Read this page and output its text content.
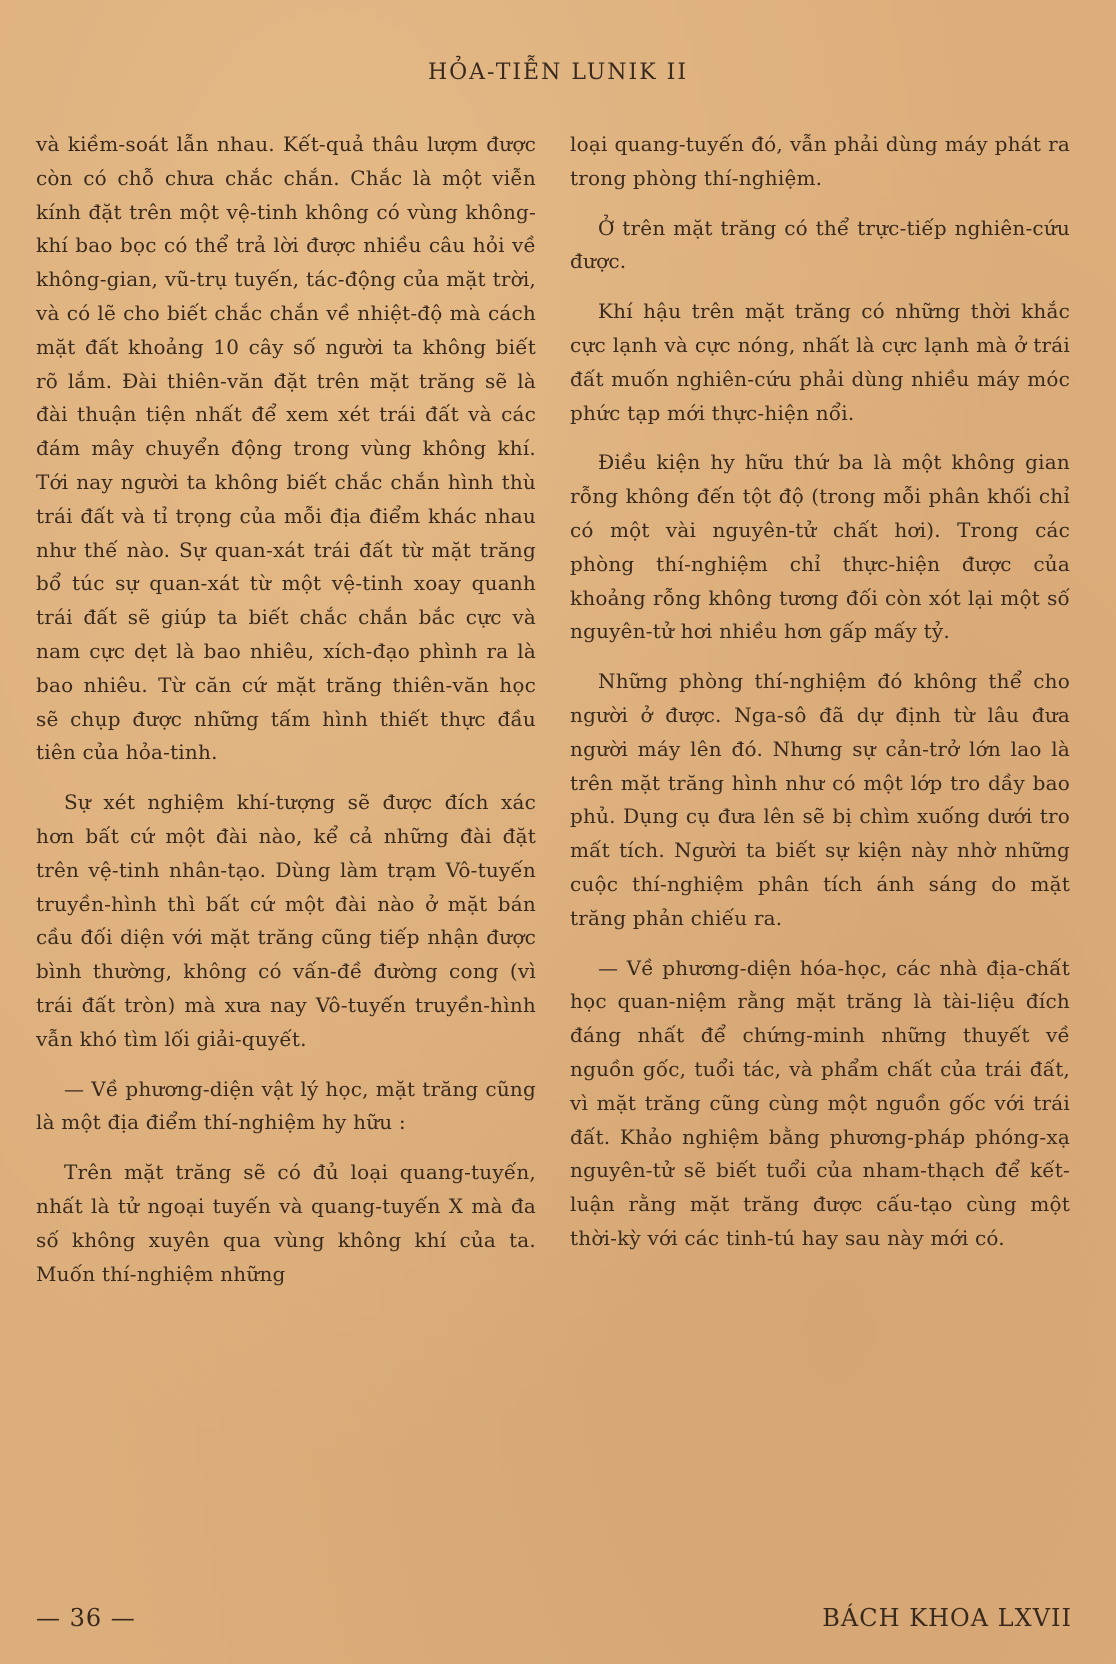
HỎA-TIỄN LUNIK II

và kiềm-soát lẫn nhau. Kết-quả thâu lượm được còn có chỗ chưa chắc chắn. Chắc là một viễn kính đặt trên một vệ-tinh không có vùng không-khí bao bọc có thể trả lời được nhiều câu hỏi về không-gian, vũ-trụ tuyến, tác-động của mặt trời, và có lẽ cho biết chắc chắn về nhiệt-độ mà cách mặt đất khoảng 10 cây số người ta không biết rõ lắm. Đài thiên-văn đặt trên mặt trăng sẽ là đài thuận tiện nhất để xem xét trái đất và các đám mây chuyển động trong vùng không khí. Tới nay người ta không biết chắc chắn hình thù trái đất và tỉ trọng của mỗi địa điểm khác nhau như thế nào. Sự quan-xát trái đất từ mặt trăng bổ túc sự quan-xát từ một vệ-tinh xoay quanh trái đất sẽ giúp ta biết chắc chắn bắc cực và nam cực dẹt là bao nhiêu, xích-đạo phình ra là bao nhiêu. Từ căn cứ mặt trăng thiên-văn học sẽ chụp được những tấm hình thiết thực đầu tiên của hỏa-tinh.

Sự xét nghiệm khí-tượng sẽ được đích xác hơn bất cứ một đài nào, kể cả những đài đặt trên vệ-tinh nhân-tạo. Dùng làm trạm Vô-tuyến truyền-hình thì bất cứ một đài nào ở mặt bán cầu đối diện với mặt trăng cũng tiếp nhận được bình thường, không có vấn-đề đường cong (vì trái đất tròn) mà xưa nay Vô-tuyến truyền-hình vẫn khó tìm lối giải-quyết.

— Về phương-diện vật lý học, mặt trăng cũng là một địa điểm thí-nghiệm hy hữu :

Trên mặt trăng sẽ có đủ loại quang-tuyến, nhất là tử ngoại tuyến và quang-tuyến X mà đa số không xuyên qua vùng không khí của ta. Muốn thí-nghiệm những

loại quang-tuyến đó, vẫn phải dùng máy phát ra trong phòng thí-nghiệm.

Ở trên mặt trăng có thể trực-tiếp nghiên-cứu được.

Khí hậu trên mặt trăng có những thời khắc cực lạnh và cực nóng, nhất là cực lạnh mà ở trái đất muốn nghiên-cứu phải dùng nhiều máy móc phức tạp mới thực-hiện nổi.

Điều kiện hy hữu thứ ba là một không gian rỗng không đến tột độ (trong mỗi phân khối chỉ có một vài nguyên-tử chất hơi). Trong các phòng thí-nghiệm chỉ thực-hiện được của khoảng rỗng không tương đối còn xót lại một số nguyên-tử hơi nhiều hơn gấp mấy tỷ.

Những phòng thí-nghiệm đó không thể cho người ở được. Nga-sô đã dự định từ lâu đưa người máy lên đó. Nhưng sự cản-trở lớn lao là trên mặt trăng hình như có một lớp tro dầy bao phủ. Dụng cụ đưa lên sẽ bị chìm xuống dưới tro mất tích. Người ta biết sự kiện này nhờ những cuộc thí-nghiệm phân tích ánh sáng do mặt trăng phản chiếu ra.

— Về phương-diện hóa-học, các nhà địa-chất học quan-niệm rằng mặt trăng là tài-liệu đích đáng nhất để chứng-minh những thuyết về nguồn gốc, tuổi tác, và phẩm chất của trái đất, vì mặt trăng cũng cùng một nguồn gốc với trái đất. Khảo nghiệm bằng phương-pháp phóng-xạ nguyên-tử sẽ biết tuổi của nham-thạch để kết-luận rằng mặt trăng được cấu-tạo cùng một thời-kỳ với các tinh-tú hay sau này mới có.

— 36 —	BÁCH KHOA LXVII
